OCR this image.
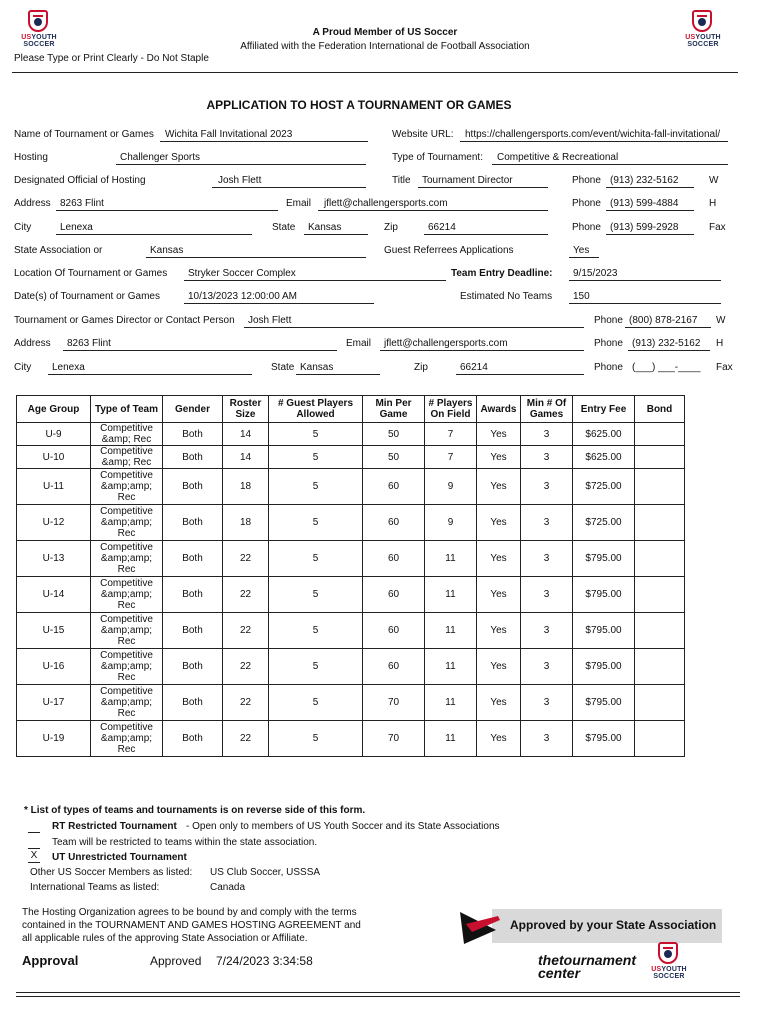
USYOUTH
SOCCER
USYOUTH
SOCCER
A Proud Member of US Soccer
Affiliated with the Federation International de Football Association
Please Type or Print Clearly - Do Not Staple
APPLICATION TO HOST A TOURNAMENT OR GAMES
Name of Tournament or Games Wichita Fall Invitational 2023	Website URL: https://challengersports.com/event/wichita-fall-invitational/
Hosting	Challenger Sports	Type of Tournament: Competitive & Recreational
Designated Official of Hosting	Josh Flett	Title Tournament Director	Phone (913) 232-5162	W
Address 8263 Flint	Email jflett@challengersports.com	Phone (913) 599-4884	H
City	Lenexa	State Kansas	Zip	66214	Phone (913) 599-2928	Fax
State Association or	Kansas	Guest Referrees Applications	Yes
Location Of Tournament or Games Stryker Soccer Complex	Team Entry Deadline: 9/15/2023
Date(s) of Tournament or Games	10/13/2023 12:00:00 AM	Estimated No Teams 150
Tournament or Games Director or Contact Person Josh Flett	Phone (800) 878-2167 W
Address 8263 Flint	Email jflett@challengersports.com	Phone (913) 232-5162 H
City Lenexa	State Kansas	Zip	66214	Phone (___) ___-____ Fax
Age Group	Type of Team	Gender	Roster Size	# Guest Players Allowed	Min Per Game	# Players On Field	Awards	Min # Of Games	Entry Fee	Bond
U-9	Competitive &amp; Rec	Both	14	5	50	7	Yes	3	$625.00	
U-10	Competitive &amp; Rec	Both	14	5	50	7	Yes	3	$625.00	
U-11	Competitive &amp;amp; Rec	Both	18	5	60	9	Yes	3	$725.00	
U-12	Competitive &amp;amp; Rec	Both	18	5	60	9	Yes	3	$725.00	
U-13	Competitive &amp;amp; Rec	Both	22	5	60	11	Yes	3	$795.00	
U-14	Competitive &amp;amp; Rec	Both	22	5	60	11	Yes	3	$795.00	
U-15	Competitive &amp;amp; Rec	Both	22	5	60	11	Yes	3	$795.00	
U-16	Competitive &amp;amp; Rec	Both	22	5	60	11	Yes	3	$795.00	
U-17	Competitive &amp;amp; Rec	Both	22	5	70	11	Yes	3	$795.00	
U-19	Competitive &amp;amp; Rec	Both	22	5	70	11	Yes	3	$795.00	
* List of types of teams and tournaments is on reverse side of this form.
RT Restricted Tournament - Open only to members of US Youth Soccer and its State Associations
Team will be restricted to teams within the state association.
X UT Unrestricted Tournament
Other US Soccer Members as listed: US Club Soccer, USSSA
International Teams as listed:	Canada
The Hosting Organization agrees to be bound by and comply with the terms contained in the TOURNAMENT AND GAMES HOSTING AGREEMENT and all applicable rules of the approving State Association or Affiliate.
Approval	Approved 7/24/2023 3:34:58
Approved by your State Association
thetournament center	USYOUTH
SOCCER
